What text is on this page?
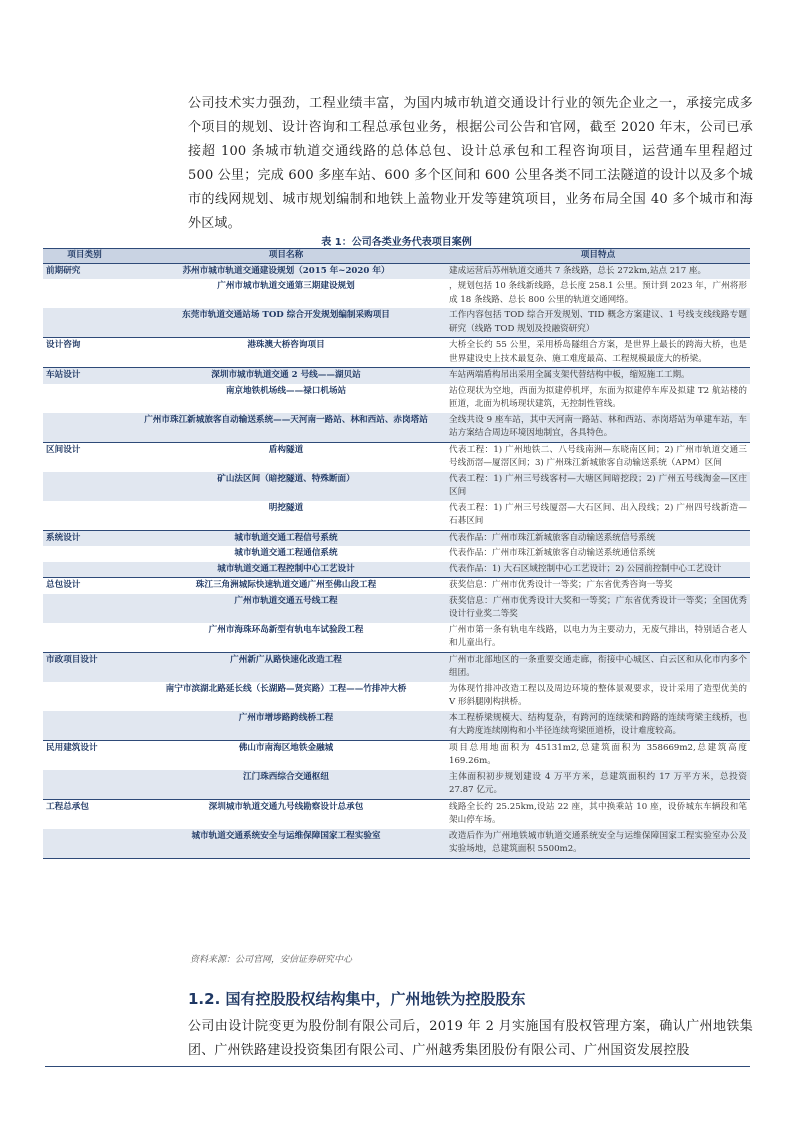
公司技术实力强劲，工程业绩丰富，为国内城市轨道交通设计行业的领先企业之一，承接完成多个项目的规划、设计咨询和工程总承包业务，根据公司公告和官网，截至 2020 年末，公司已承接超 100 条城市轨道交通线路的总体总包、设计总承包和工程咨询项目，运营通车里程超过 500 公里；完成 600 多座车站、600 多个区间和 600 公里各类不同工法隧道的设计以及多个城市的线网规划、城市规划编制和地铁上盖物业开发等建筑项目，业务布局全国 40 多个城市和海外区域。
表 1：公司各类业务代表项目案例
项目类别	项目名称	项目特点
前期研究	苏州市城市轨道交通建设规划（2015 年~2020 年）	建成运营后苏州轨道交通共 7 条线路，总长 272km,站点 217 座。
	广州市城市轨道交通第三期建设规划	，规划包括 10 条线新线路，总长度 258.1 公里。预计到 2023 年，广州将形成 18 条线路、总长 800 公里的轨道交通网络。
	东莞市轨道交通站场 TOD 综合开发规划编制采购项目	工作内容包括 TOD 综合开发规划、TID 概念方案建议、1 号线支线线路专题研究（线路 TOD 规划及投融资研究）
设计咨询	港珠澳大桥咨询项目	大桥全长约 55 公里，采用桥岛隧组合方案，是世界上最长的跨海大桥，也是世界建设史上技术最复杂、施工难度最高、工程规模最庞大的桥梁。
车站设计	深圳市城市轨道交通 2 号线——湖贝站	车站两端盾构吊出采用全属支架代替结构中板，缩短施工工期。
	南京地铁机场线——禄口机场站	站位现状为空地，西面为拟建停机坪，东面为拟建停车库及拟建 T2 航站楼的匝道，北面为机场现状建筑，无控制性管线。
	广州市珠江新城旅客自动输送系统——天河南一路站、林和西站、赤岗塔站	全线共设 9 座车站，其中天河南一路站、林和西站、赤岗塔站为单建车站，车站方案结合周边环境因地制宜，各具特色。
区间设计	盾构隧道	代表工程：1) 广州地铁二、八号线南洲—东晓南区间；2) 广州市轨道交通三号线沥滘—厦滘区间；3) 广州珠江新城旅客自动输送系统（APM）区间
	矿山法区间（暗挖隧道、特殊断面）	代表工程：1) 广州三号线客村—大塘区间暗挖段；2) 广州五号线淘金—区庄区间
	明挖隧道	代表工程：1) 广州三号线厦滘—大石区间、出入段线；2) 广州四号线新造—石碁区间
系统设计	城市轨道交通工程信号系统	代表作品：广州市珠江新城旅客自动输送系统信号系统
	城市轨道交通工程通信系统	代表作品：广州市珠江新城旅客自动输送系统通信系统
	城市轨道交通工程控制中心工艺设计	代表作品：1) 大石区域控制中心工艺设计；2) 公园前控制中心工艺设计
总包设计	珠江三角洲城际快速轨道交通广州至佛山段工程	获奖信息：广州市优秀设计一等奖；广东省优秀咨询一等奖
	广州市轨道交通五号线工程	获奖信息：广州市优秀设计大奖和一等奖；广东省优秀设计一等奖；全国优秀设计行业奖二等奖
	广州市海珠环岛新型有轨电车试验段工程	广州市第一条有轨电车线路，以电力为主要动力，无废气排出，特别适合老人和儿童出行。
市政项目设计	广州新广从路快速化改造工程	广州市北部地区的一条重要交通走廊，衔接中心城区、白云区和从化市内多个组团。
	南宁市滨湖北路延长线（长湖路—贤宾路）工程——竹排冲大桥	为体现竹排冲改造工程以及周边环境的整体景观要求，设计采用了造型优美的 V 形斜腿刚构拱桥。
	广州市增埗路跨线桥工程	本工程桥梁规模大、结构复杂，有跨河的连续梁和跨路的连续弯梁主线桥，也有大跨度连续刚构和小半径连续弯梁匝道桥，设计难度较高。
民用建筑设计	佛山市南海区地铁金融城	项目总用地面积为 45131m2,总建筑面积为 358669m2,总建筑高度 169.26m。
	江门珠西综合交通枢纽	主体面积初步规划建设 4 万平方米，总建筑面积约 17 万平方米，总投资 27.87 亿元。
工程总承包	深圳城市轨道交通九号线勘察设计总承包	线路全长约 25.25km,设站 22 座，其中换乘站 10 座，设侨城东车辆段和笔架山停车场。
	城市轨道交通系统安全与运维保障国家工程实验室	改造后作为广州地铁城市轨道交通系统安全与运维保障国家工程实验室办公及实验场地，总建筑面积 5500m2。
资料来源：公司官网，安信证券研究中心
1.2. 国有控股股权结构集中，广州地铁为控股股东
公司由设计院变更为股份制有限公司后，2019 年 2 月实施国有股权管理方案，确认广州地铁集团、广州铁路建设投资集团有限公司、广州越秀集团股份有限公司、广州国资发展控股
